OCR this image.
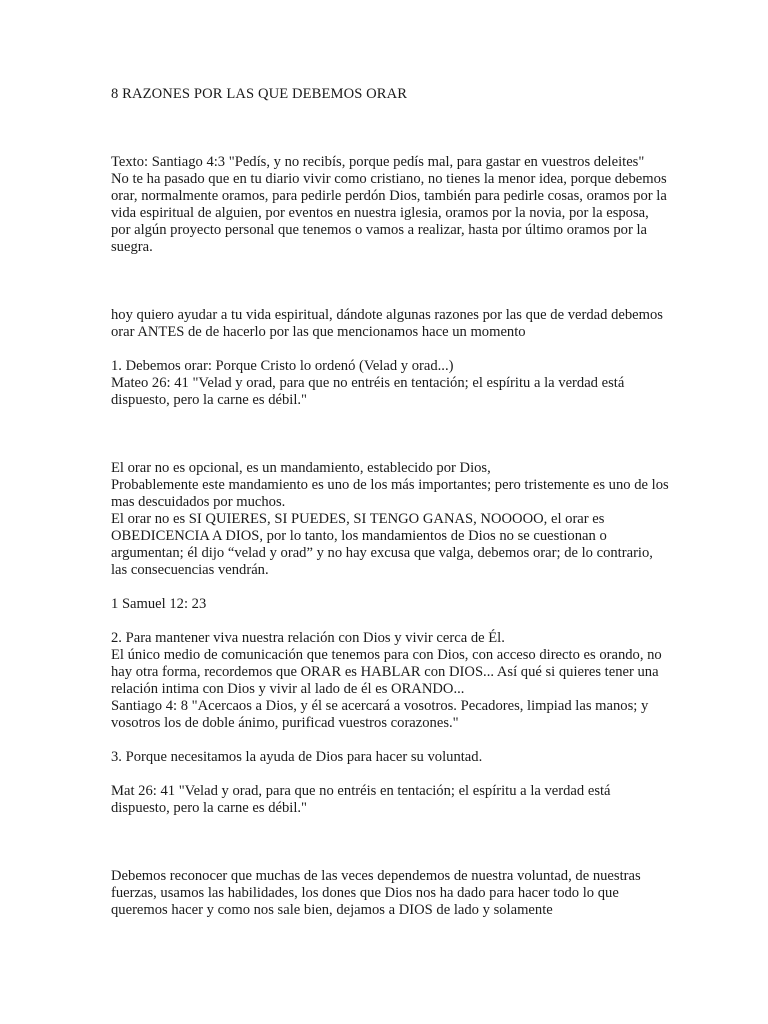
8 RAZONES POR LAS QUE DEBEMOS ORAR

Texto: Santiago 4:3 "Pedís, y no recibís, porque pedís mal, para gastar en vuestros deleites"
No te ha pasado que en tu diario vivir como cristiano, no tienes la menor idea, porque debemos orar, normalmente oramos, para pedirle perdón Dios, también para pedirle cosas, oramos por la vida espiritual de alguien, por eventos en nuestra iglesia, oramos por la novia, por la esposa, por algún proyecto personal que tenemos o vamos a realizar, hasta por último oramos por la suegra.

hoy quiero ayudar a tu vida espiritual, dándote algunas razones por las que de verdad debemos orar ANTES de de hacerlo por las que mencionamos hace un momento

1. Debemos orar: Porque Cristo lo ordenó (Velad y orad...)
Mateo 26: 41 "Velad y orad, para que no entréis en tentación; el espíritu a la verdad está dispuesto, pero la carne es débil."

El orar no es opcional, es un mandamiento, establecido por Dios,
Probablemente este mandamiento es uno de los más importantes; pero tristemente es uno de los mas descuidados por muchos.
El orar no es SI QUIERES, SI PUEDES, SI TENGO GANAS, NOOOOO, el orar es OBEDICENCIA A DIOS, por lo tanto, los mandamientos de Dios no se cuestionan o argumentan; él dijo “velad y orad” y no hay excusa que valga, debemos orar; de lo contrario, las consecuencias vendrán.

1 Samuel 12: 23

2. Para mantener viva nuestra relación con Dios y vivir cerca de Él.
El único medio de comunicación que tenemos para con Dios, con acceso directo es orando, no hay otra forma, recordemos que ORAR es HABLAR con DIOS... Así qué si quieres tener una relación intima con Dios y vivir al lado de él es ORANDO...
Santiago 4: 8 "Acercaos a Dios, y él se acercará a vosotros. Pecadores, limpiad las manos; y vosotros los de doble ánimo, purificad vuestros corazones."

3. Porque necesitamos la ayuda de Dios para hacer su voluntad.

Mat 26: 41 "Velad y orad, para que no entréis en tentación; el espíritu a la verdad está dispuesto, pero la carne es débil."

Debemos reconocer que muchas de las veces dependemos de nuestra voluntad, de nuestras fuerzas, usamos las habilidades, los dones que Dios nos ha dado para hacer todo lo que queremos hacer y como nos sale bien, dejamos a DIOS de lado y solamente
